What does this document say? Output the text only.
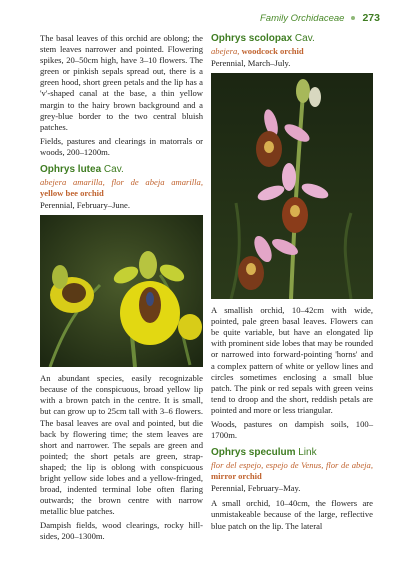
Family Orchidaceae 273

The basal leaves of this orchid are oblong; the stem leaves narrower and pointed. Flowering spikes, 20–50cm high, have 3–10 flowers. The green or pinkish sepals spread out, there is a green hood, short green petals and the lip has a 'v'-shaped canal at the base, a thin yellow margin to the hairy brown background and a grey-blue border to the two central bluish patches.

Fields, pastures and clearings in matorrals or woods, 200–1200m.

Ophrys lutea Cav.

abejera amarilla, flor de abeja amarilla, yellow bee orchid

Perennial, February–June.

An abundant species, easily recognizable because of the conspicuous, broad yellow lip with a brown patch in the centre. It is small, but can grow up to 25cm tall with 3–6 flowers. The basal leaves are oval and pointed, but die back by flowering time; the stem leaves are short and narrower. The sepals are green and pointed; the short petals are green, strap-shaped; the lip is oblong with conspicuous bright yellow side lobes and a yellow-fringed, broad, indented terminal lobe often flaring outwards; the brown centre with narrow metallic blue patches.

Dampish fields, wood clearings, rocky hill-sides, 200–1300m.

Ophrys scolopax Cav.

abejera, woodcock orchid

Perennial, March–July.

A smallish orchid, 10–42cm with wide, pointed, pale green basal leaves. Flowers can be quite variable, but have an elongated lip with prominent side lobes that may be rounded or narrowed into forward-pointing 'horns' and a complex pattern of white or yellow lines and circles sometimes enclosing a small blue patch. The pink or red sepals with green veins tend to droop and the short, reddish petals are pointed and more or less triangular.

Woods, pastures on dampish soils, 100–1700m.

Ophrys speculum Link

flor del espejo, espejo de Venus, flor de abeja, mirror orchid

Perennial, February–May.

A small orchid, 10–40cm, the flowers are unmistakeable because of the large, reflective blue patch on the lip. The lateral
